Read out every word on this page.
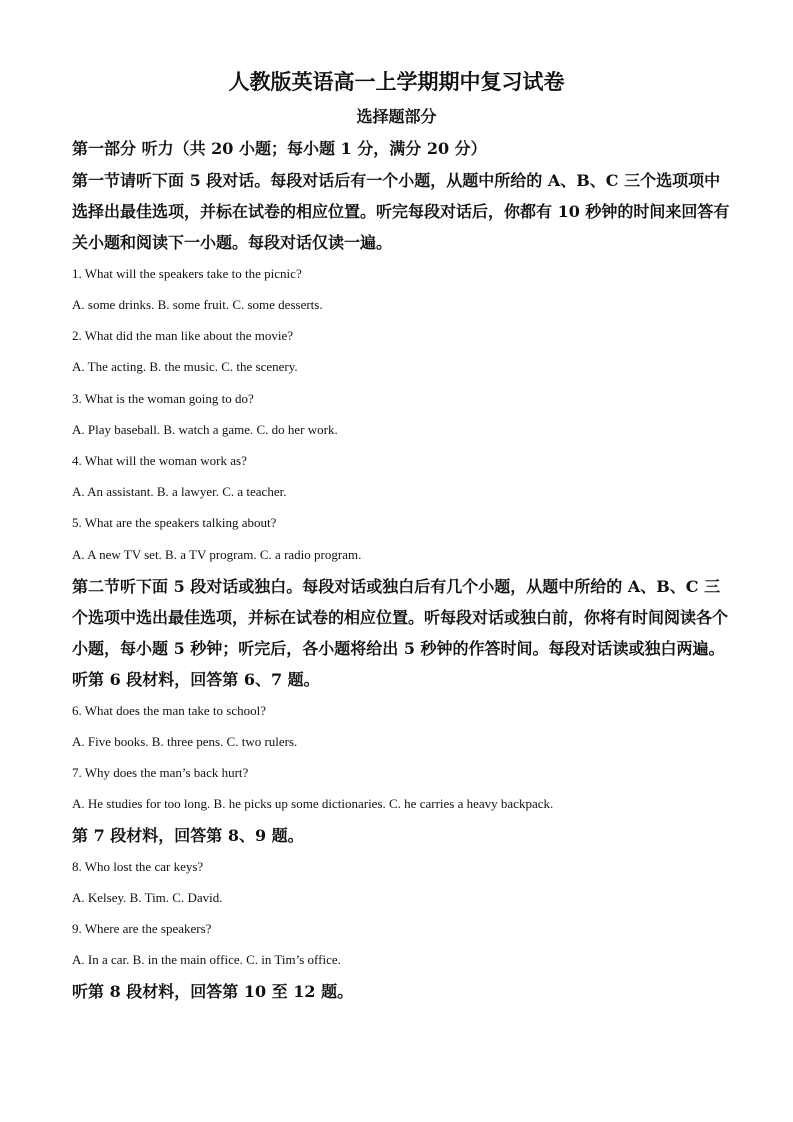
人教版英语高一上学期期中复习试卷
选择题部分
第一部分 听力（共 20 小题；每小题 1 分，满分 20 分）
第一节请听下面 5 段对话。每段对话后有一个小题，从题中所给的 A、B、C 三个选项项中选择出最佳选项，并标在试卷的相应位置。听完每段对话后，你都有 10 秒钟的时间来回答有关小题和阅读下一小题。每段对话仅读一遍。
1. What will the speakers take to the picnic?
A. some drinks. B. some fruit. C. some desserts.
2. What did the man like about the movie?
A. The acting. B. the music. C. the scenery.
3. What is the woman going to do?
A. Play baseball. B. watch a game. C. do her work.
4. What will the woman work as?
A. An assistant. B. a lawyer. C. a teacher.
5. What are the speakers talking about?
A. A new TV set. B. a TV program. C. a radio program.
第二节听下面 5 段对话或独白。每段对话或独白后有几个小题，从题中所给的 A、B、C 三个选项中选出最佳选项，并标在试卷的相应位置。听每段对话或独白前，你将有时间阅读各个小题，每小题 5 秒钟；听完后，各小题将给出 5 秒钟的作答时间。每段对话读或独白两遍。
听第 6 段材料，回答第 6、7 题。
6. What does the man take to school?
A. Five books. B. three pens. C. two rulers.
7. Why does the man’s back hurt?
A. He studies for too long. B. he picks up some dictionaries. C. he carries a heavy backpack.
第 7 段材料，回答第 8、9 题。
8. Who lost the car keys?
A. Kelsey. B. Tim. C. David.
9. Where are the speakers?
A. In a car. B. in the main office. C. in Tim’s office.
听第 8 段材料，回答第 10 至 12 题。
